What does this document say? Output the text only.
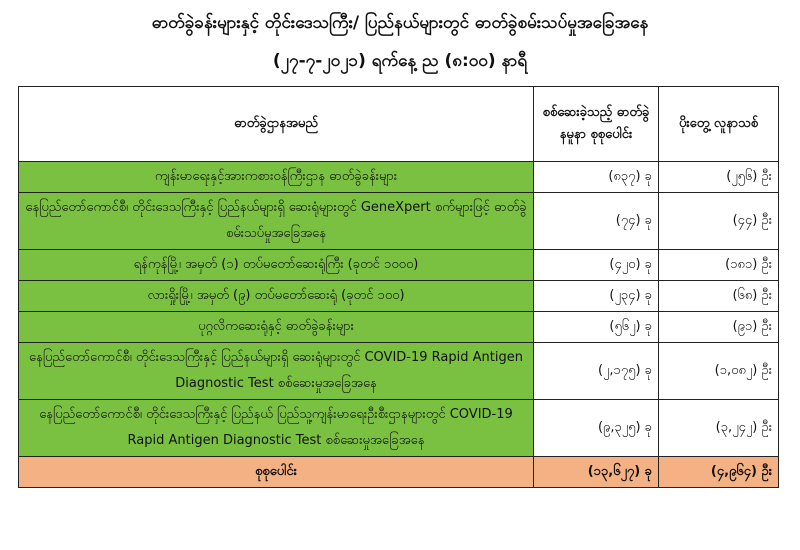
ဓာတ်ခွဲခန်းများနှင့် တိုင်းဒေသကြီး/ ပြည်နယ်များတွင် ဓာတ်ခွဲစမ်းသပ်မှုအခြေအနေ
(၂၇-၇-၂၀၂၁) ရက်နေ့ ည (၈:၀၀) နာရီ
ဓာတ်ခွဲဌာနအမည်	စစ်ဆေးခဲ့သည့် ဓာတ်ခွဲနမူနာ စုစုပေါင်း	ပိုးတွေ့ လူနာသစ်
ကျန်းမာရေးနှင့်အားကစားဝန်ကြီးဌာန ဓာတ်ခွဲခန်းများ	(၈၃၇) ခု	(၂၅၆) ဦး
နေပြည်တော်ကောင်စီ၊ တိုင်းဒေသကြီးနှင့် ပြည်နယ်များရှိ ဆေးရုံများတွင် GeneXpert စက်များဖြင့် ဓာတ်ခွဲစမ်းသပ်မှုအခြေအနေ	(၇၄) ခု	(၄၄) ဦး
ရန်ကုန်မြို့၊ အမှတ် (၁) တပ်မတော်ဆေးရုံကြီး (ခုတင် ၁၀၀၀)	(၄၂၀) ခု	(၁၈၁) ဦး
လားရှိုးမြို့၊ အမှတ် (၉) တပ်မတော်ဆေးရုံ (ခုတင် ၁၀၀)	(၂၃၄) ခု	(၆၈) ဦး
ပုဂ္ဂလိကဆေးရုံနှင့် ဓာတ်ခွဲခန်းများ	(၅၆၂) ခု	(၉၁) ဦး
နေပြည်တော်ကောင်စီ၊ တိုင်းဒေသကြီးနှင့် ပြည်နယ်များရှိ ဆေးရုံများတွင် COVID-19 Rapid Antigen Diagnostic Test စစ်ဆေးမှုအခြေအနေ	(၂,၁၇၅) ခု	(၁,၀၈၂) ဦး
နေပြည်တော်ကောင်စီ၊ တိုင်းဒေသကြီးနှင့် ပြည်နယ် ပြည်သူ့ကျန်းမာရေးဦးစီးဌာနများတွင် COVID-19 Rapid Antigen Diagnostic Test စစ်ဆေးမှုအခြေအနေ	(၉,၃၂၅) ခု	(၃,၂၄၂) ဦး
စုစုပေါင်း	(၁၃,၆၂၇) ခု	(၄,၉၆၄) ဦး
